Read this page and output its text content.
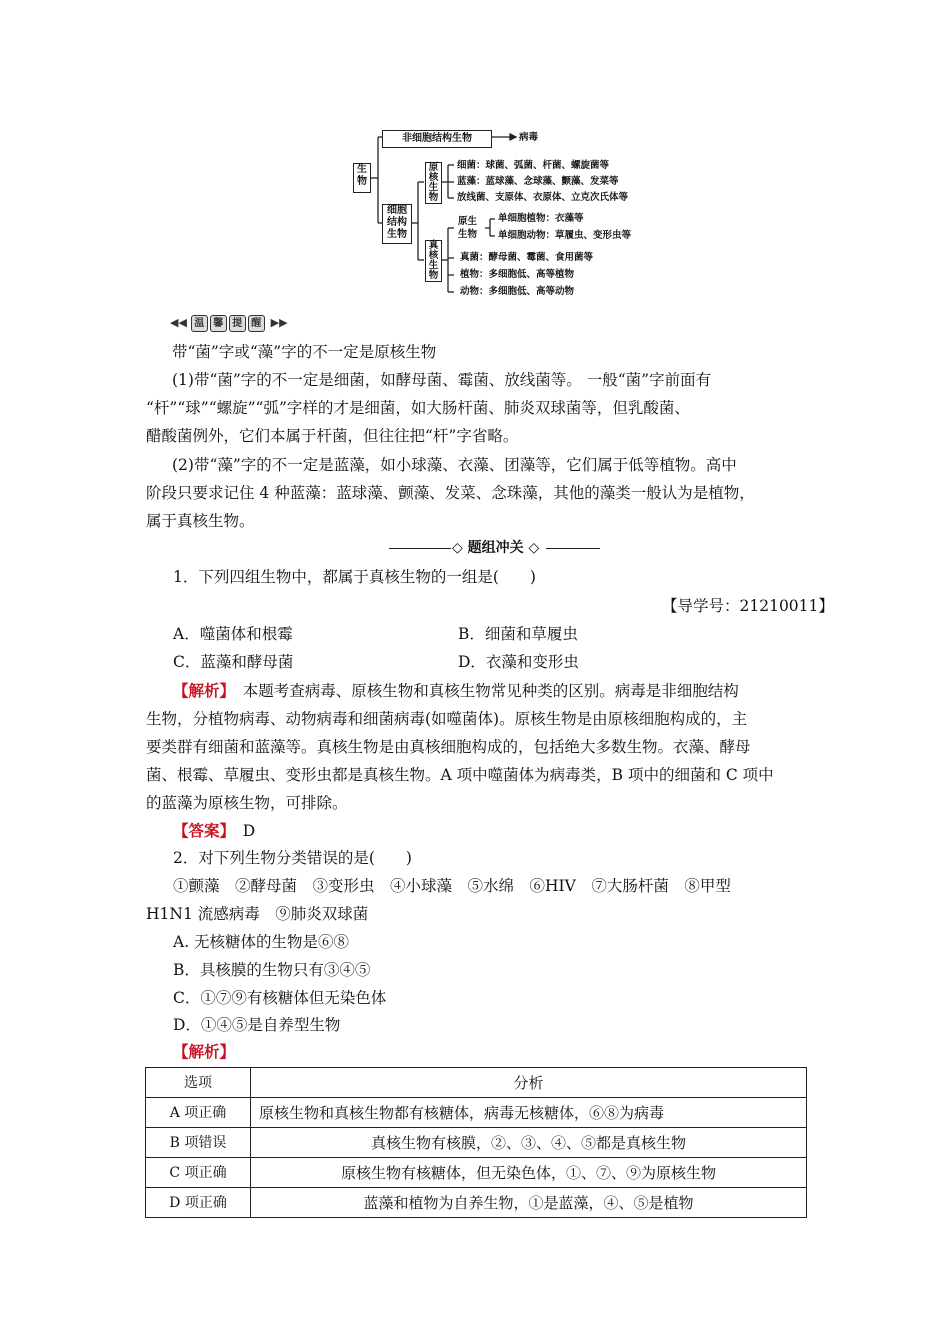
生物
非细胞结构生物	病毒
细胞结构生物
原核生物
细菌：球菌、弧菌、杆菌、螺旋菌等
蓝藻：蓝球藻、念球藻、颤藻、发菜等
放线菌、支原体、衣原体、立克次氏体等
真核生物
原生生物
单细胞植物：衣藻等
单细胞动物：草履虫、变形虫等
真菌：酵母菌、霉菌、食用菌等
植物：多细胞低、高等植物
动物：多细胞低、高等动物
◀◀ 温 馨 提 醒 ▶▶
带“菌”字或“藻”字的不一定是原核生物
(1)带“菌”字的不一定是细菌，如酵母菌、霉菌、放线菌等。 一般“菌”字前面有
“杆”“球”“螺旋”“弧”字样的才是细菌，如大肠杆菌、肺炎双球菌等，但乳酸菌、
醋酸菌例外，它们本属于杆菌，但往往把“杆”字省略。
(2)带“藻”字的不一定是蓝藻，如小球藻、衣藻、团藻等，它们属于低等植物。高中
阶段只要求记住 4 种蓝藻：蓝球藻、颤藻、发菜、念珠藻，其他的藻类一般认为是植物，
属于真核生物。
◇ 题组冲关 ◇
1．下列四组生物中，都属于真核生物的一组是(　　)
【导学号：21210011】
A．噬菌体和根霉	B．细菌和草履虫
C．蓝藻和酵母菌	D．衣藻和变形虫
【解析】　本题考查病毒、原核生物和真核生物常见种类的区别。病毒是非细胞结构
生物，分植物病毒、动物病毒和细菌病毒(如噬菌体)。原核生物是由原核细胞构成的，主
要类群有细菌和蓝藻等。真核生物是由真核细胞构成的，包括绝大多数生物。衣藻、酵母
菌、根霉、草履虫、变形虫都是真核生物。A 项中噬菌体为病毒类，B 项中的细菌和 C 项中
的蓝藻为原核生物，可排除。
【答案】　D
2．对下列生物分类错误的是(　　)
①颤藻　②酵母菌　③变形虫　④小球藻　⑤水绵　⑥HIV　⑦大肠杆菌　⑧甲型
H1N1 流感病毒　⑨肺炎双球菌
A. 无核糖体的生物是⑥⑧
B．具核膜的生物只有③④⑤
C．①⑦⑨有核糖体但无染色体
D．①④⑤是自养型生物
【解析】
选项	分析
A 项正确	原核生物和真核生物都有核糖体，病毒无核糖体，⑥⑧为病毒
B 项错误	真核生物有核膜，②、③、④、⑤都是真核生物
C 项正确	原核生物有核糖体，但无染色体，①、⑦、⑨为原核生物
D 项正确	蓝藻和植物为自养生物，①是蓝藻，④、⑤是植物
